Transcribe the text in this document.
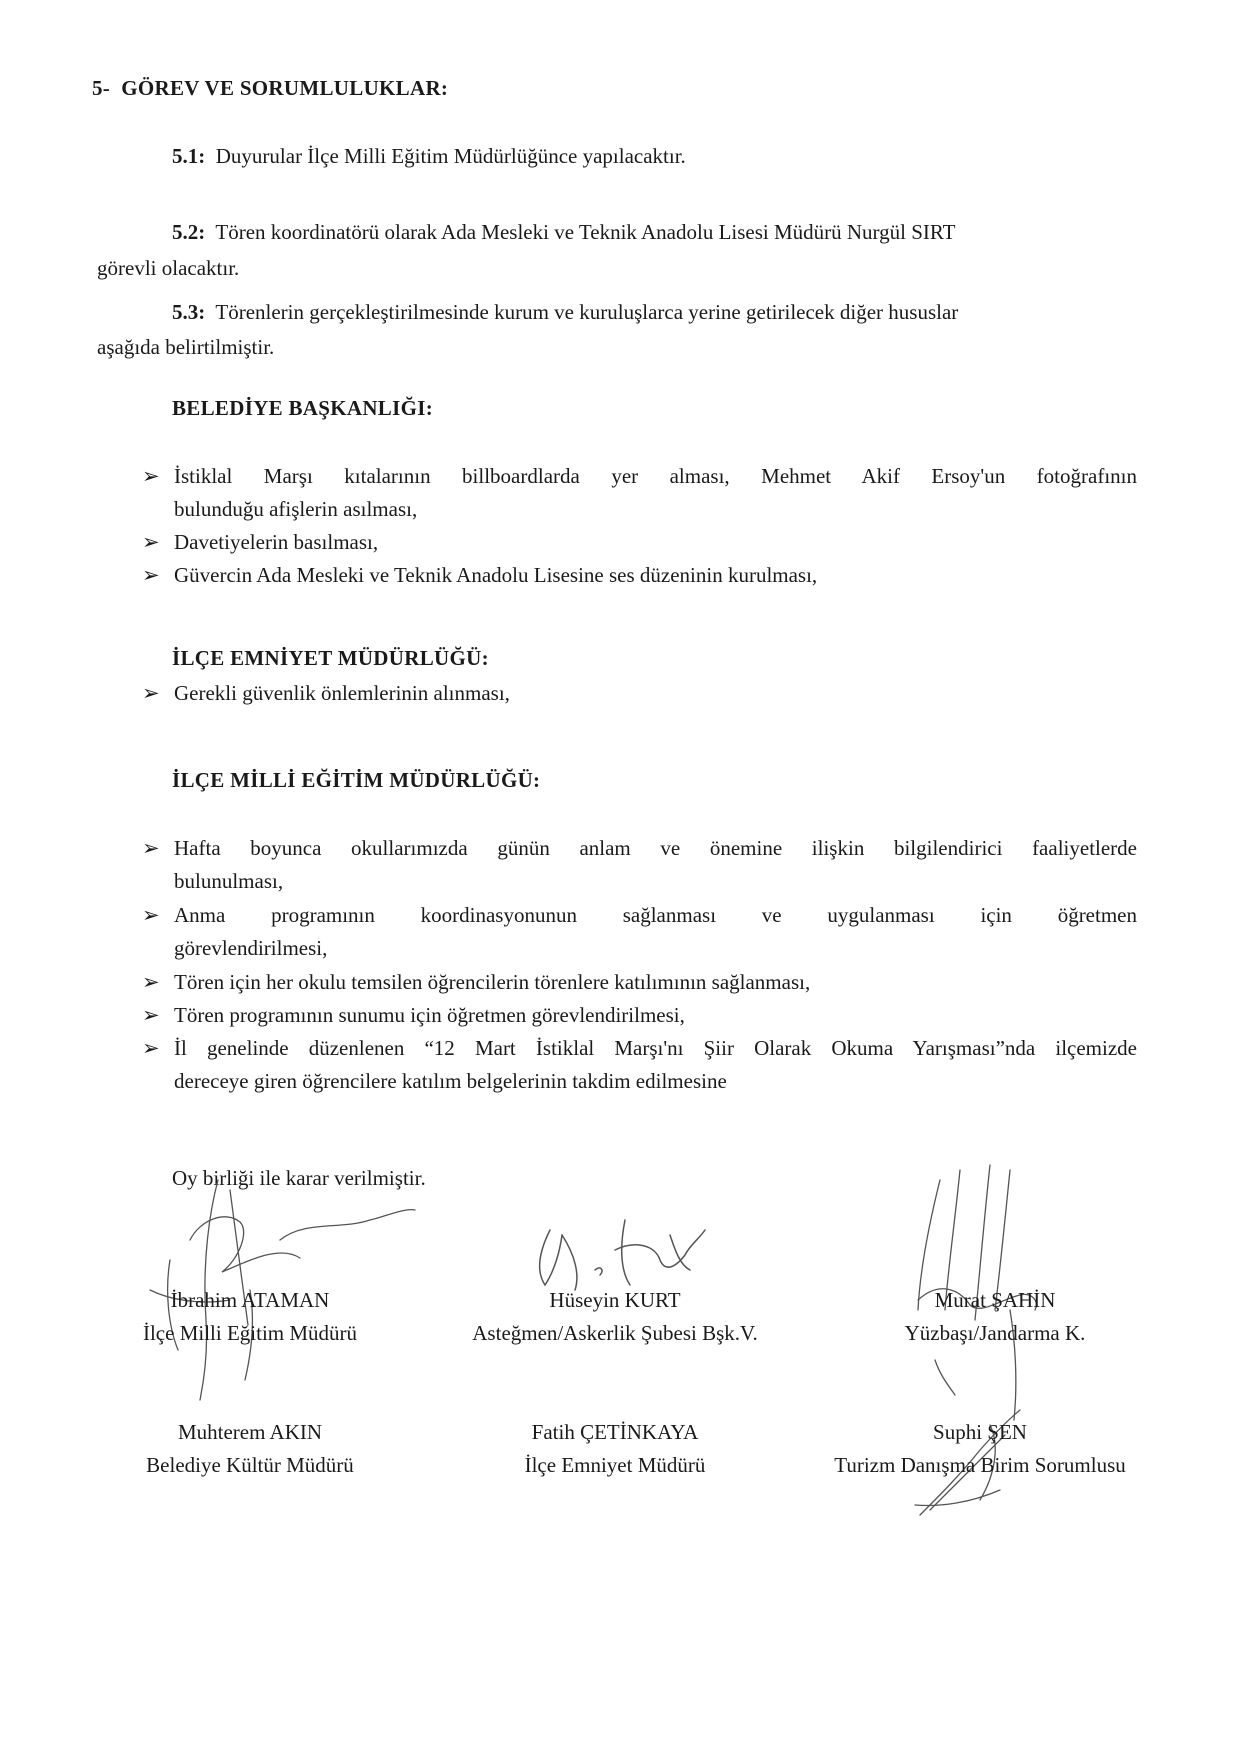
5- GÖREV VE SORUMLULUKLAR:
5.1: Duyurular İlçe Milli Eğitim Müdürlüğünce yapılacaktır.
5.2: Tören koordinatörü olarak Ada Mesleki ve Teknik Anadolu Lisesi Müdürü Nurgül SIRT
görevli olacaktır.
5.3: Törenlerin gerçekleştirilmesinde kurum ve kuruluşlarca yerine getirilecek diğer hususlar
aşağıda belirtilmiştir.
BELEDİYE BAŞKANLIĞI:
➢ İstiklal Marşı kıtalarının billboardlarda yer alması, Mehmet Akif Ersoy'un fotoğrafının
bulunduğu afişlerin asılması,
➢ Davetiyelerin basılması,
➢ Güvercin Ada Mesleki ve Teknik Anadolu Lisesine ses düzeninin kurulması,
İLÇE EMNİYET MÜDÜRLÜĞÜ:
➢ Gerekli güvenlik önlemlerinin alınması,
İLÇE MİLLİ EĞİTİM MÜDÜRLÜĞÜ:
➢ Hafta boyunca okullarımızda günün anlam ve önemine ilişkin bilgilendirici faaliyetlerde
bulunulması,
➢ Anma programının koordinasyonunun sağlanması ve uygulanması için öğretmen
görevlendirilmesi,
➢ Tören için her okulu temsilen öğrencilerin törenlere katılımının sağlanması,
➢ Tören programının sunumu için öğretmen görevlendirilmesi,
➢ İl genelinde düzenlenen “12 Mart İstiklal Marşı'nı Şiir Olarak Okuma Yarışması”nda ilçemizde
dereceye giren öğrencilere katılım belgelerinin takdim edilmesine
Oy birliği ile karar verilmiştir.
İbrahim ATAMAN
İlçe Milli Eğitim Müdürü
Hüseyin KURT
Asteğmen/Askerlik Şubesi Bşk.V.
Murat ŞAHİN
Yüzbaşı/Jandarma K.
Muhterem AKIN
Belediye Kültür Müdürü
Fatih ÇETİNKAYA
İlçe Emniyet Müdürü
Suphi ŞEN
Turizm Danışma Birim Sorumlusu
